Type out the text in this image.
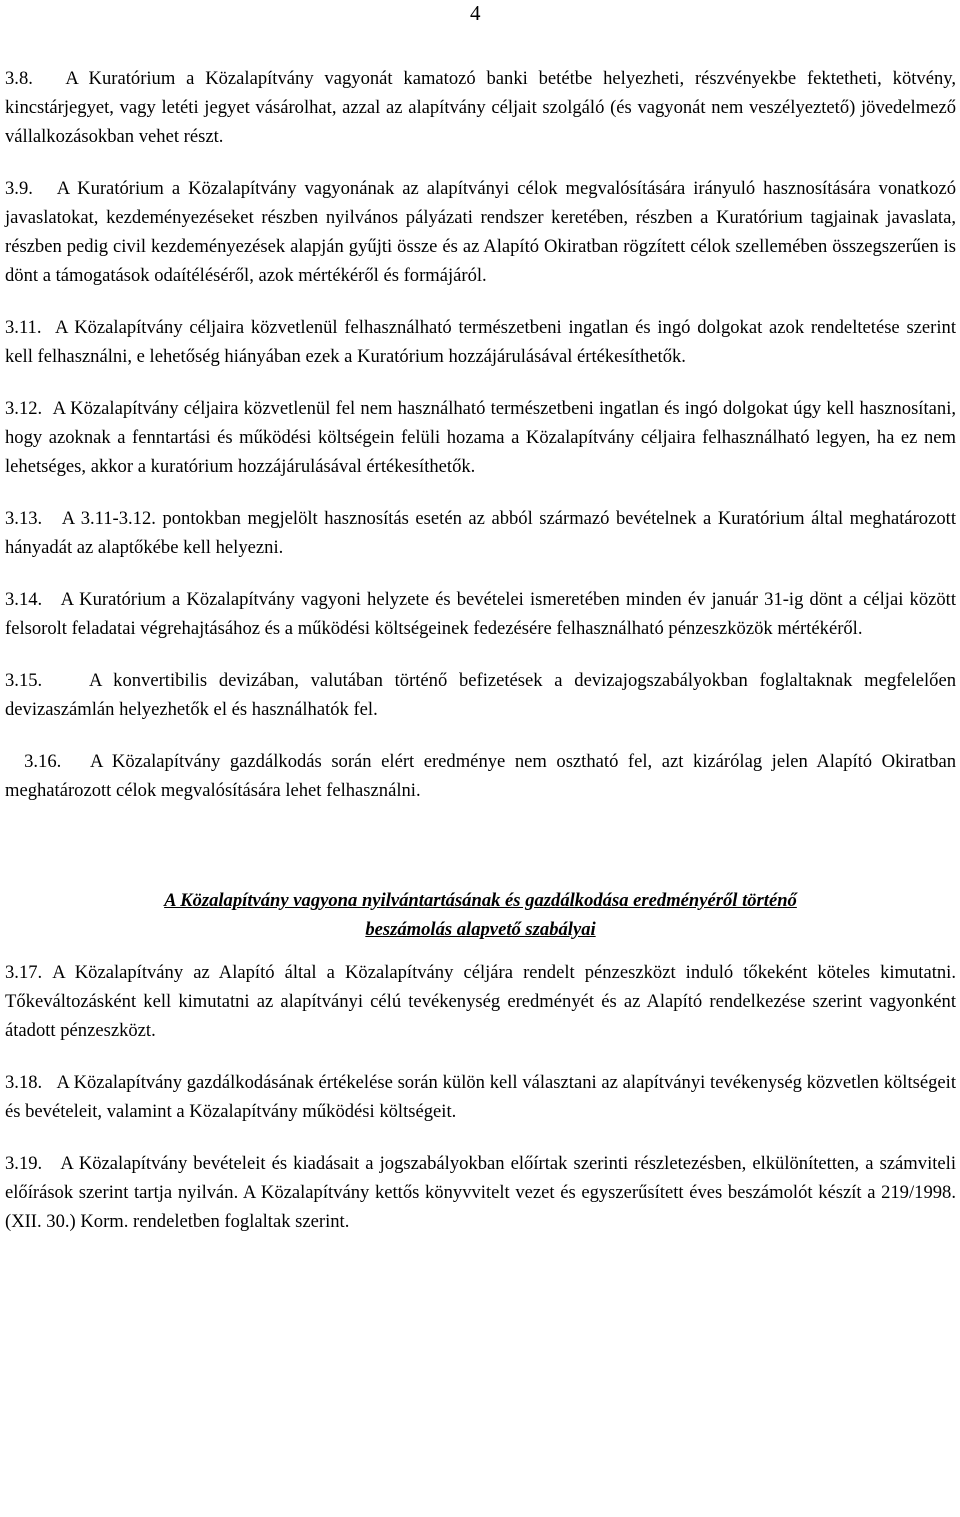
4

3.8. A Kuratórium a Közalapítvány vagyonát kamatozó banki betétbe helyezheti, részvényekbe fektetheti, kötvény, kincstárjegyet, vagy letéti jegyet vásárolhat, azzal az alapítvány céljait szolgáló (és vagyonát nem veszélyeztető) jövedelmező vállalkozásokban vehet részt.

3.9. A Kuratórium a Közalapítvány vagyonának az alapítványi célok megvalósítására irányuló hasznosítására vonatkozó javaslatokat, kezdeményezéseket részben nyilvános pályázati rendszer keretében, részben a Kuratórium tagjainak javaslata, részben pedig civil kezdeményezések alapján gyűjti össze és az Alapító Okiratban rögzített célok szellemében összegszerűen is dönt a támogatások odaítéléséről, azok mértékéről és formájáról.

3.11. A Közalapítvány céljaira közvetlenül felhasználható természetbeni ingatlan és ingó dolgokat azok rendeltetése szerint kell felhasználni, e lehetőség hiányában ezek a Kuratórium hozzájárulásával értékesíthetők.

3.12. A Közalapítvány céljaira közvetlenül fel nem használható természetbeni ingatlan és ingó dolgokat úgy kell hasznosítani, hogy azoknak a fenntartási és működési költségein felüli hozama a Közalapítvány céljaira felhasználható legyen, ha ez nem lehetséges, akkor a kuratórium hozzájárulásával értékesíthetők.

3.13. A 3.11-3.12. pontokban megjelölt hasznosítás esetén az abból származó bevételnek a Kuratórium által meghatározott hányadát az alaptőkébe kell helyezni.

3.14. A Kuratórium a Közalapítvány vagyoni helyzete és bevételei ismeretében minden év január 31-ig dönt a céljai között felsorolt feladatai végrehajtásához és a működési költségeinek fedezésére felhasználható pénzeszközök mértékéről.

3.15.	A konvertibilis devizában, valutában történő befizetések a devizajogszabályokban foglaltaknak megfelelően devizaszámlán helyezhetők el és használhatók fel.

3.16. A Közalapítvány gazdálkodás során elért eredménye nem osztható fel, azt kizárólag jelen Alapító Okiratban meghatározott célok megvalósítására lehet felhasználni.

A Közalapítvány vagyona nyilvántartásának és gazdálkodása eredményéről történő
beszámolás alapvető szabályai

3.17. A Közalapítvány az Alapító által a Közalapítvány céljára rendelt pénzeszközt induló tőkeként köteles kimutatni. Tőkeváltozásként kell kimutatni az alapítványi célú tevékenység eredményét és az Alapító rendelkezése szerint vagyonként átadott pénzeszközt.

3.18. A Közalapítvány gazdálkodásának értékelése során külön kell választani az alapítványi tevékenység közvetlen költségeit és bevételeit, valamint a Közalapítvány működési költségeit.

3.19. A Közalapítvány bevételeit és kiadásait a jogszabályokban előírtak szerinti részletezésben, elkülönítetten, a számviteli előírások szerint tartja nyilván. A Közalapítvány kettős könyvvitelt vezet és egyszerűsített éves beszámolót készít a 219/1998. (XII. 30.) Korm. rendeletben foglaltak szerint.
